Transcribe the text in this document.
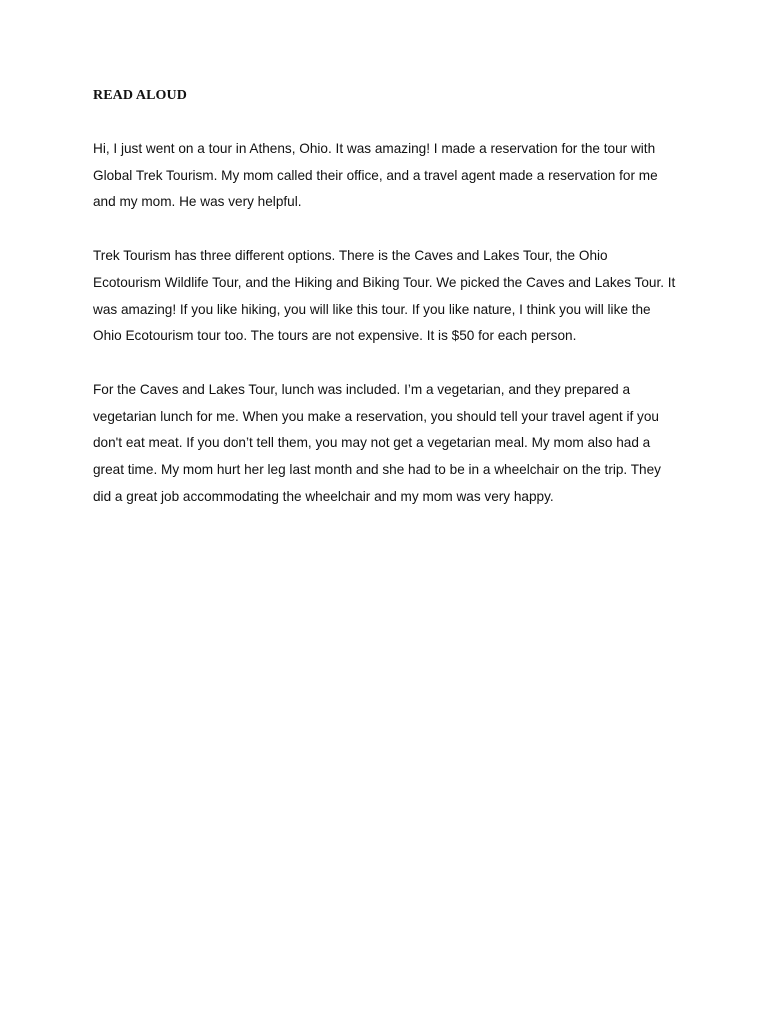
READ ALOUD

Hi, I just went on a tour in Athens, Ohio. It was amazing! I made a reservation for the tour with Global Trek Tourism. My mom called their office, and a travel agent made a reservation for me and my mom. He was very helpful.

Trek Tourism has three different options. There is the Caves and Lakes Tour, the Ohio Ecotourism Wildlife Tour, and the Hiking and Biking Tour. We picked the Caves and Lakes Tour. It was amazing! If you like hiking, you will like this tour. If you like nature, I think you will like the Ohio Ecotourism tour too. The tours are not expensive. It is $50 for each person.

For the Caves and Lakes Tour, lunch was included. I’m a vegetarian, and they prepared a vegetarian lunch for me. When you make a reservation, you should tell your travel agent if you don't eat meat. If you don’t tell them, you may not get a vegetarian meal. My mom also had a great time. My mom hurt her leg last month and she had to be in a wheelchair on the trip. They did a great job accommodating the wheelchair and my mom was very happy.
